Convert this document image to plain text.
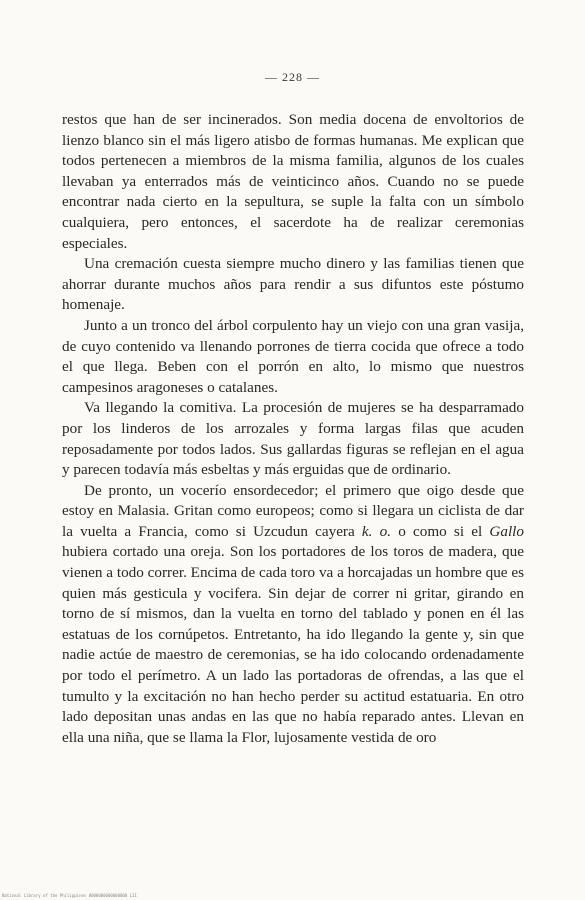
— 228 —

restos que han de ser incinerados. Son media docena de envoltorios de lienzo blanco sin el más ligero atisbo de formas humanas. Me explican que todos pertenecen a miembros de la misma familia, algunos de los cuales llevaban ya enterrados más de veinticinco años. Cuando no se puede encontrar nada cierto en la sepultura, se suple la falta con un símbolo cualquiera, pero entonces, el sacerdote ha de realizar ceremonias especiales.

Una cremación cuesta siempre mucho dinero y las familias tienen que ahorrar durante muchos años para rendir a sus difuntos este póstumo homenaje.

Junto a un tronco del árbol corpulento hay un viejo con una gran vasija, de cuyo contenido va llenando porrones de tierra cocida que ofrece a todo el que llega. Beben con el porrón en alto, lo mismo que nuestros campesinos aragoneses o catalanes.

Va llegando la comitiva. La procesión de mujeres se ha desparramado por los linderos de los arrozales y forma largas filas que acuden reposadamente por todos lados. Sus gallardas figuras se reflejan en el agua y parecen todavía más esbeltas y más erguidas que de ordinario.

De pronto, un vocerío ensordecedor; el primero que oigo desde que estoy en Malasia. Gritan como europeos; como si llegara un ciclista de dar la vuelta a Francia, como si Uzcudun cayera k. o. o como si el Gallo hubiera cortado una oreja. Son los portadores de los toros de madera, que vienen a todo correr. Encima de cada toro va a horcajadas un hombre que es quien más gesticula y vocifera. Sin dejar de correr ni gritar, girando en torno de sí mismos, dan la vuelta en torno del tablado y ponen en él las estatuas de los cornúpetos. Entretanto, ha ido llegando la gente y, sin que nadie actúe de maestro de ceremonias, se ha ido colocando ordenadamente por todo el perímetro. A un lado las portadoras de ofrendas, a las que el tumulto y la excitación no han hecho perder su actitud estatuaria. En otro lado depositan unas andas en las que no había reparado antes. Llevan en ella una niña, que se llama la Flor, lujosamente vestida de oro

National Library of the Philippines 0000000000000000 LII
